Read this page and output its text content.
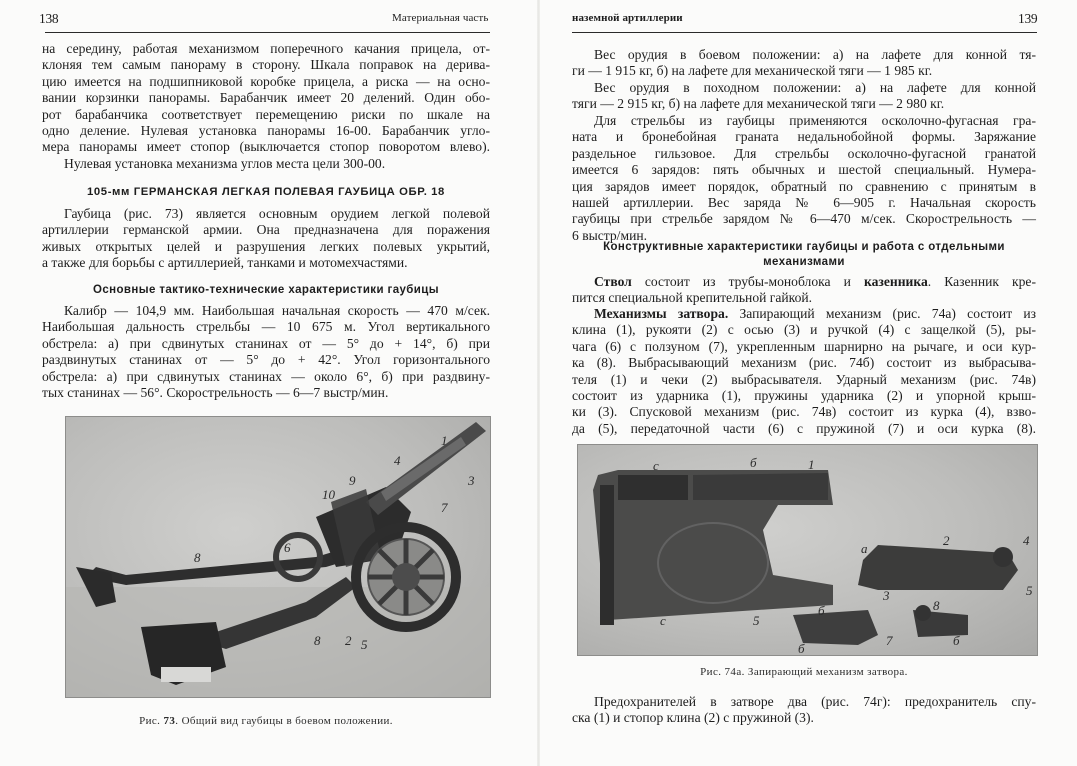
138	Материальная часть
на середину, работая механизмом поперечного качания прицела, от-
клоняя тем самым панораму в сторону. Шкала поправок на дерива-
цию имеется на подшипниковой коробке прицела, а риска — на осно-
вании корзинки панорамы. Барабанчик имеет 20 делений. Один обо-
рот барабанчика соответствует перемещению риски по шкале на
одно деление. Нулевая установка панорамы 16-00. Барабанчик угло-
мера панорамы имеет стопор (выключается стопор поворотом влево).
Нулевая установка механизма углов места цели 300-00.
105-мм ГЕРМАНСКАЯ ЛЕГКАЯ ПОЛЕВАЯ ГАУБИЦА ОБР. 18
Гаубица (рис. 73) является основным орудием легкой полевой
артиллерии германской армии. Она предназначена для поражения
живых открытых целей и разрушения легких полевых укрытий,
а также для борьбы с артиллерией, танками и мотомехчастями.
Основные тактико-технические характеристики гаубицы
Калибр — 104,9 мм. Наибольшая начальная скорость — 470 м/сек.
Наибольшая дальность стрельбы — 10 675 м. Угол вертикального
обстрела: а) при сдвинутых станинах от — 5° до + 14°, б) при
раздвинутых станинах от — 5° до + 42°. Угол горизонтального
обстрела: а) при сдвинутых станинах — около 6°, б) при раздвину-
тых станинах — 56°. Скорострельность — 6—7 выстр/мин.
1
4
3
9
10
7
6
8
8 2 5
Рис. 73. Общий вид гаубицы в боевом положении.
наземной артиллерии	139
Вес орудия в боевом положении: а) на лафете для конной тя-
ги — 1 915 кг, б) на лафете для механической тяги — 1 985 кг.
Вес орудия в походном положении: а) на лафете для конной
тяги — 2 915 кг, б) на лафете для механической тяги — 2 980 кг.
Для стрельбы из гаубицы применяются осколочно-фугасная гра-
ната и бронебойная граната недальнобойной формы. Заряжание
раздельное гильзовое. Для стрельбы осколочно-фугасной гранатой
имеется 6 зарядов: пять обычных и шестой специальный. Нумера-
ция зарядов имеет порядок, обратный по сравнению с принятым в
нашей артиллерии. Вес заряда № 6—905 г. Начальная скорость
гаубицы при стрельбе зарядом № 6—470 м/сек. Скорострельность —
6 выстр/мин.
Конструктивные характеристики гаубицы и работа с отдельными
механизмами
Ствол состоит из трубы-моноблока и казенника. Казенник кре-
пится специальной крепительной гайкой.
Механизмы затвора. Запирающий механизм (рис. 74а) состоит из
клина (1), рукояти (2) с осью (3) и ручкой (4) с защелкой (5), ры-
чага (6) с ползуном (7), укрепленным шарнирно на рычаге, и оси кур-
ка (8). Выбрасывающий механизм (рис. 74б) состоит из выбрасыва-
теля (1) и чеки (2) выбрасывателя. Ударный механизм (рис. 74в)
состоит из ударника (1), пружины ударника (2) и упорной крыш-
ки (3). Спусковой механизм (рис. 74в) состоит из курка (4), взво-
да (5), передаточной части (6) с пружиной (7) и оси курка (8).
c	б	1
2	4
5
3
c	5
8
б
7
б
a
б
Рис. 74а. Запирающий механизм затвора.
Предохранителей в затворе два (рис. 74г): предохранитель спу-
ска (1) и стопор клина (2) с пружиной (3).
